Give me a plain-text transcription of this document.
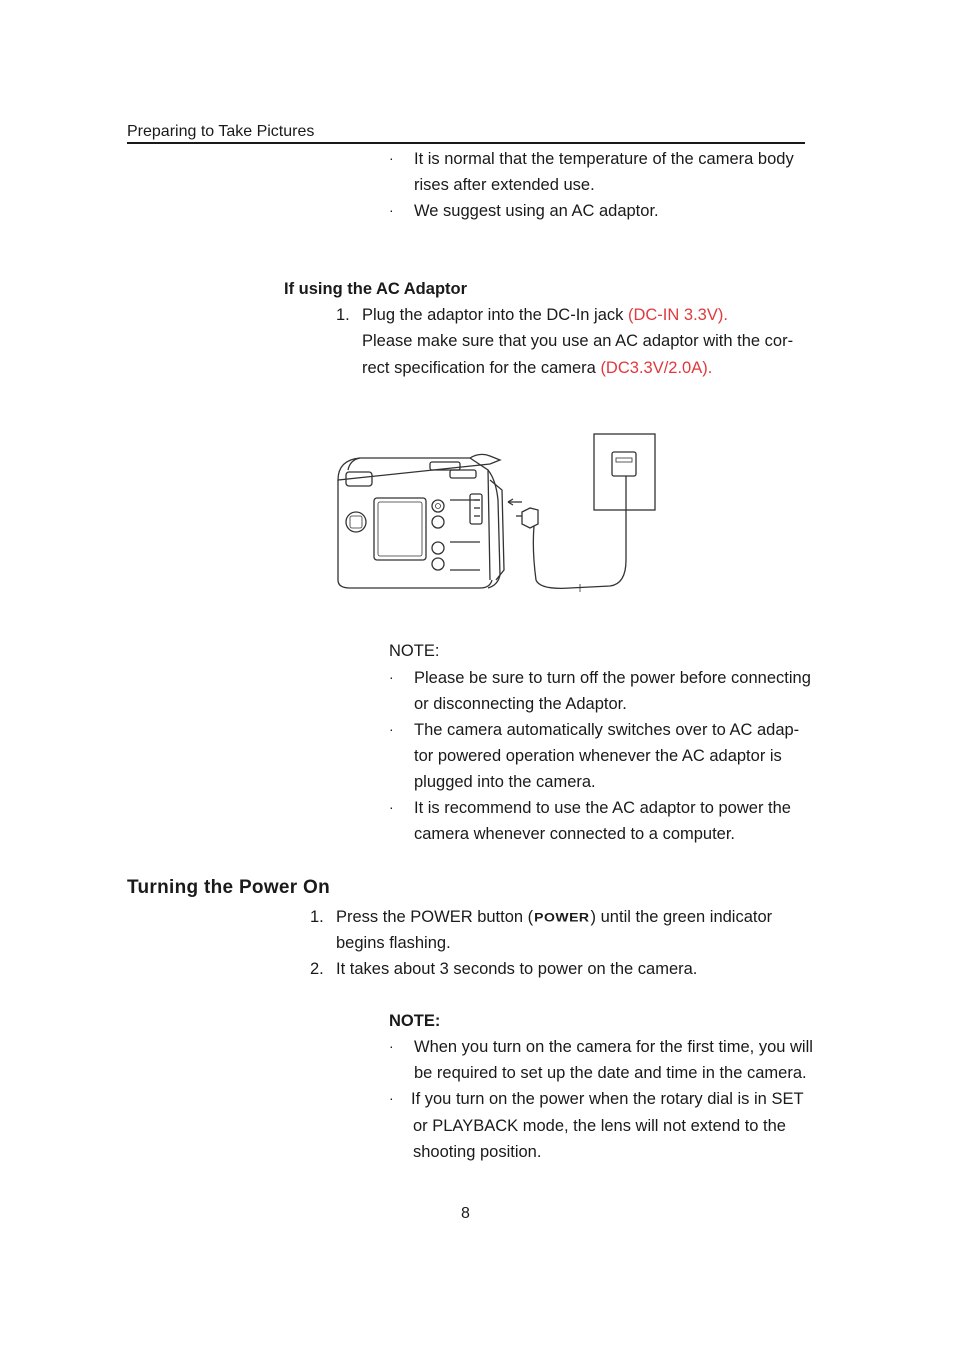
Preparing to Take Pictures
· It is normal that the temperature of the camera body
rises after extended use.
· We suggest using an AC adaptor.
If using the AC Adaptor
1. Plug the adaptor into the DC-In jack (DC-IN 3.3V).
Please make sure that you use an AC adaptor with the cor-
rect specification for the camera (DC3.3V/2.0A).
NOTE:
· Please be sure to turn off the power before connecting
or disconnecting the Adaptor.
· The camera automatically switches over to AC adap-
tor powered operation whenever the AC adaptor is
plugged into the camera.
· It is recommend to use the AC adaptor to power the
camera whenever connected to a computer.
Turning the Power On
1. Press the POWER button (POWER) until the green indicator
begins flashing.
2. It takes about 3 seconds to power on the camera.
NOTE:
· When you turn on the camera for the first time, you will
be required to set up the date and time in the camera.
· If you turn on the power when the rotary dial is in SET
or PLAYBACK mode, the lens will not extend to the
shooting position.
8
